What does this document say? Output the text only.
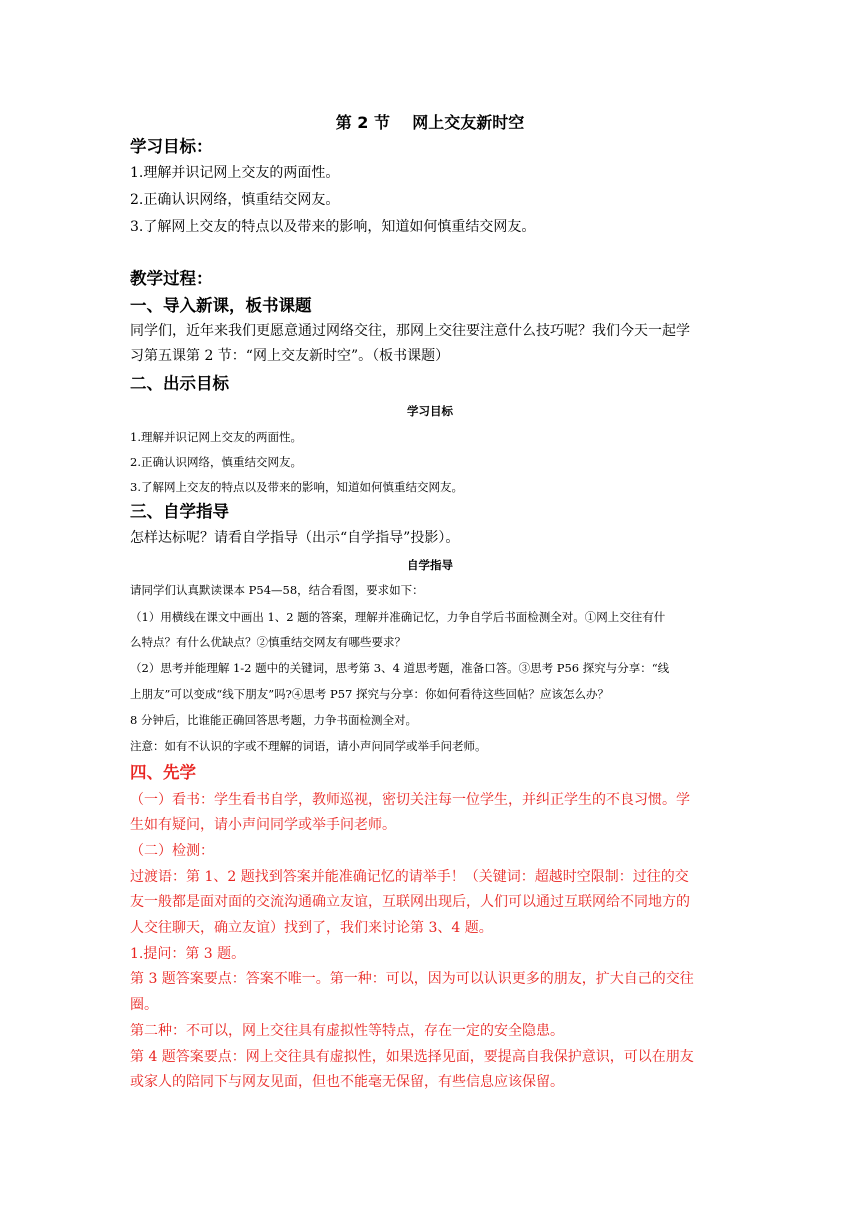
第 2 节    网上交友新时空
学习目标：
1.理解并识记网上交友的两面性。
2.正确认识网络，慎重结交网友。
3.了解网上交友的特点以及带来的影响，知道如何慎重结交网友。
教学过程：
一、导入新课，板书课题
同学们，近年来我们更愿意通过网络交往，那网上交往要注意什么技巧呢？我们今天一起学
习第五课第 2 节：“网上交友新时空”。（板书课题）
二、出示目标
学习目标
1.理解并识记网上交友的两面性。
2.正确认识网络，慎重结交网友。
3.了解网上交友的特点以及带来的影响，知道如何慎重结交网友。
三、自学指导
怎样达标呢？请看自学指导（出示“自学指导”投影）。
自学指导
请同学们认真默读课本 P54—58，结合看图，要求如下：
（1）用横线在课文中画出 1、2 题的答案，理解并准确记忆，力争自学后书面检测全对。①网上交往有什
么特点？有什么优缺点？②慎重结交网友有哪些要求？
（2）思考并能理解 1-2 题中的关键词，思考第 3、4 道思考题，准备口答。③思考 P56 探究与分享：“线
上朋友”可以变成“线下朋友”吗?④思考 P57 探究与分享：你如何看待这些回帖？应该怎么办？
8 分钟后，比谁能正确回答思考题，力争书面检测全对。
注意：如有不认识的字或不理解的词语，请小声问同学或举手问老师。
四、先学
（一）看书：学生看书自学，教师巡视，密切关注每一位学生，并纠正学生的不良习惯。学
生如有疑问，请小声问同学或举手问老师。
（二）检测：
过渡语：第 1、2 题找到答案并能准确记忆的请举手！（关键词：超越时空限制：过往的交
友一般都是面对面的交流沟通确立友谊，互联网出现后，人们可以通过互联网给不同地方的
人交往聊天，确立友谊）找到了，我们来讨论第 3、4 题。
1.提问：第 3 题。
第 3 题答案要点：答案不唯一。第一种：可以，因为可以认识更多的朋友，扩大自己的交往
圈。
第二种：不可以，网上交往具有虚拟性等特点，存在一定的安全隐患。
第 4 题答案要点：网上交往具有虚拟性，如果选择见面，要提高自我保护意识，可以在朋友
或家人的陪同下与网友见面，但也不能毫无保留，有些信息应该保留。
